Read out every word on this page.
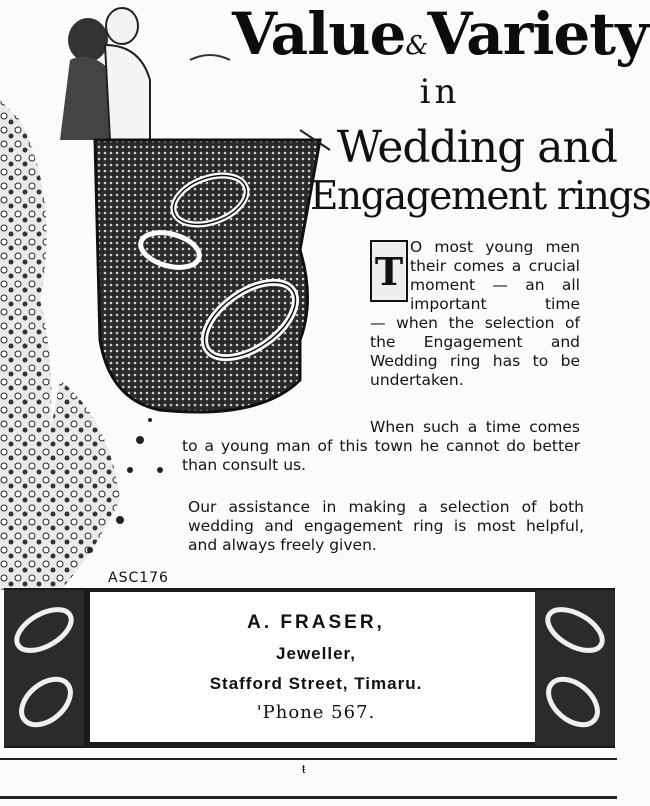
Value&Variety
in
Wedding and
Engagement rings
T
O most young men their comes a crucial moment — an all important time
— when the selection of the Engagement and Wedding ring has to be undertaken.
When such a time comes to a young man of this town he cannot do better than consult us.
Our assistance in making a selection of both wedding and engagement ring is most helpful, and always freely given.
ASC176
A. FRASER,
Jeweller,
Stafford Street, Timaru.
'Phone 567.
ŧ
